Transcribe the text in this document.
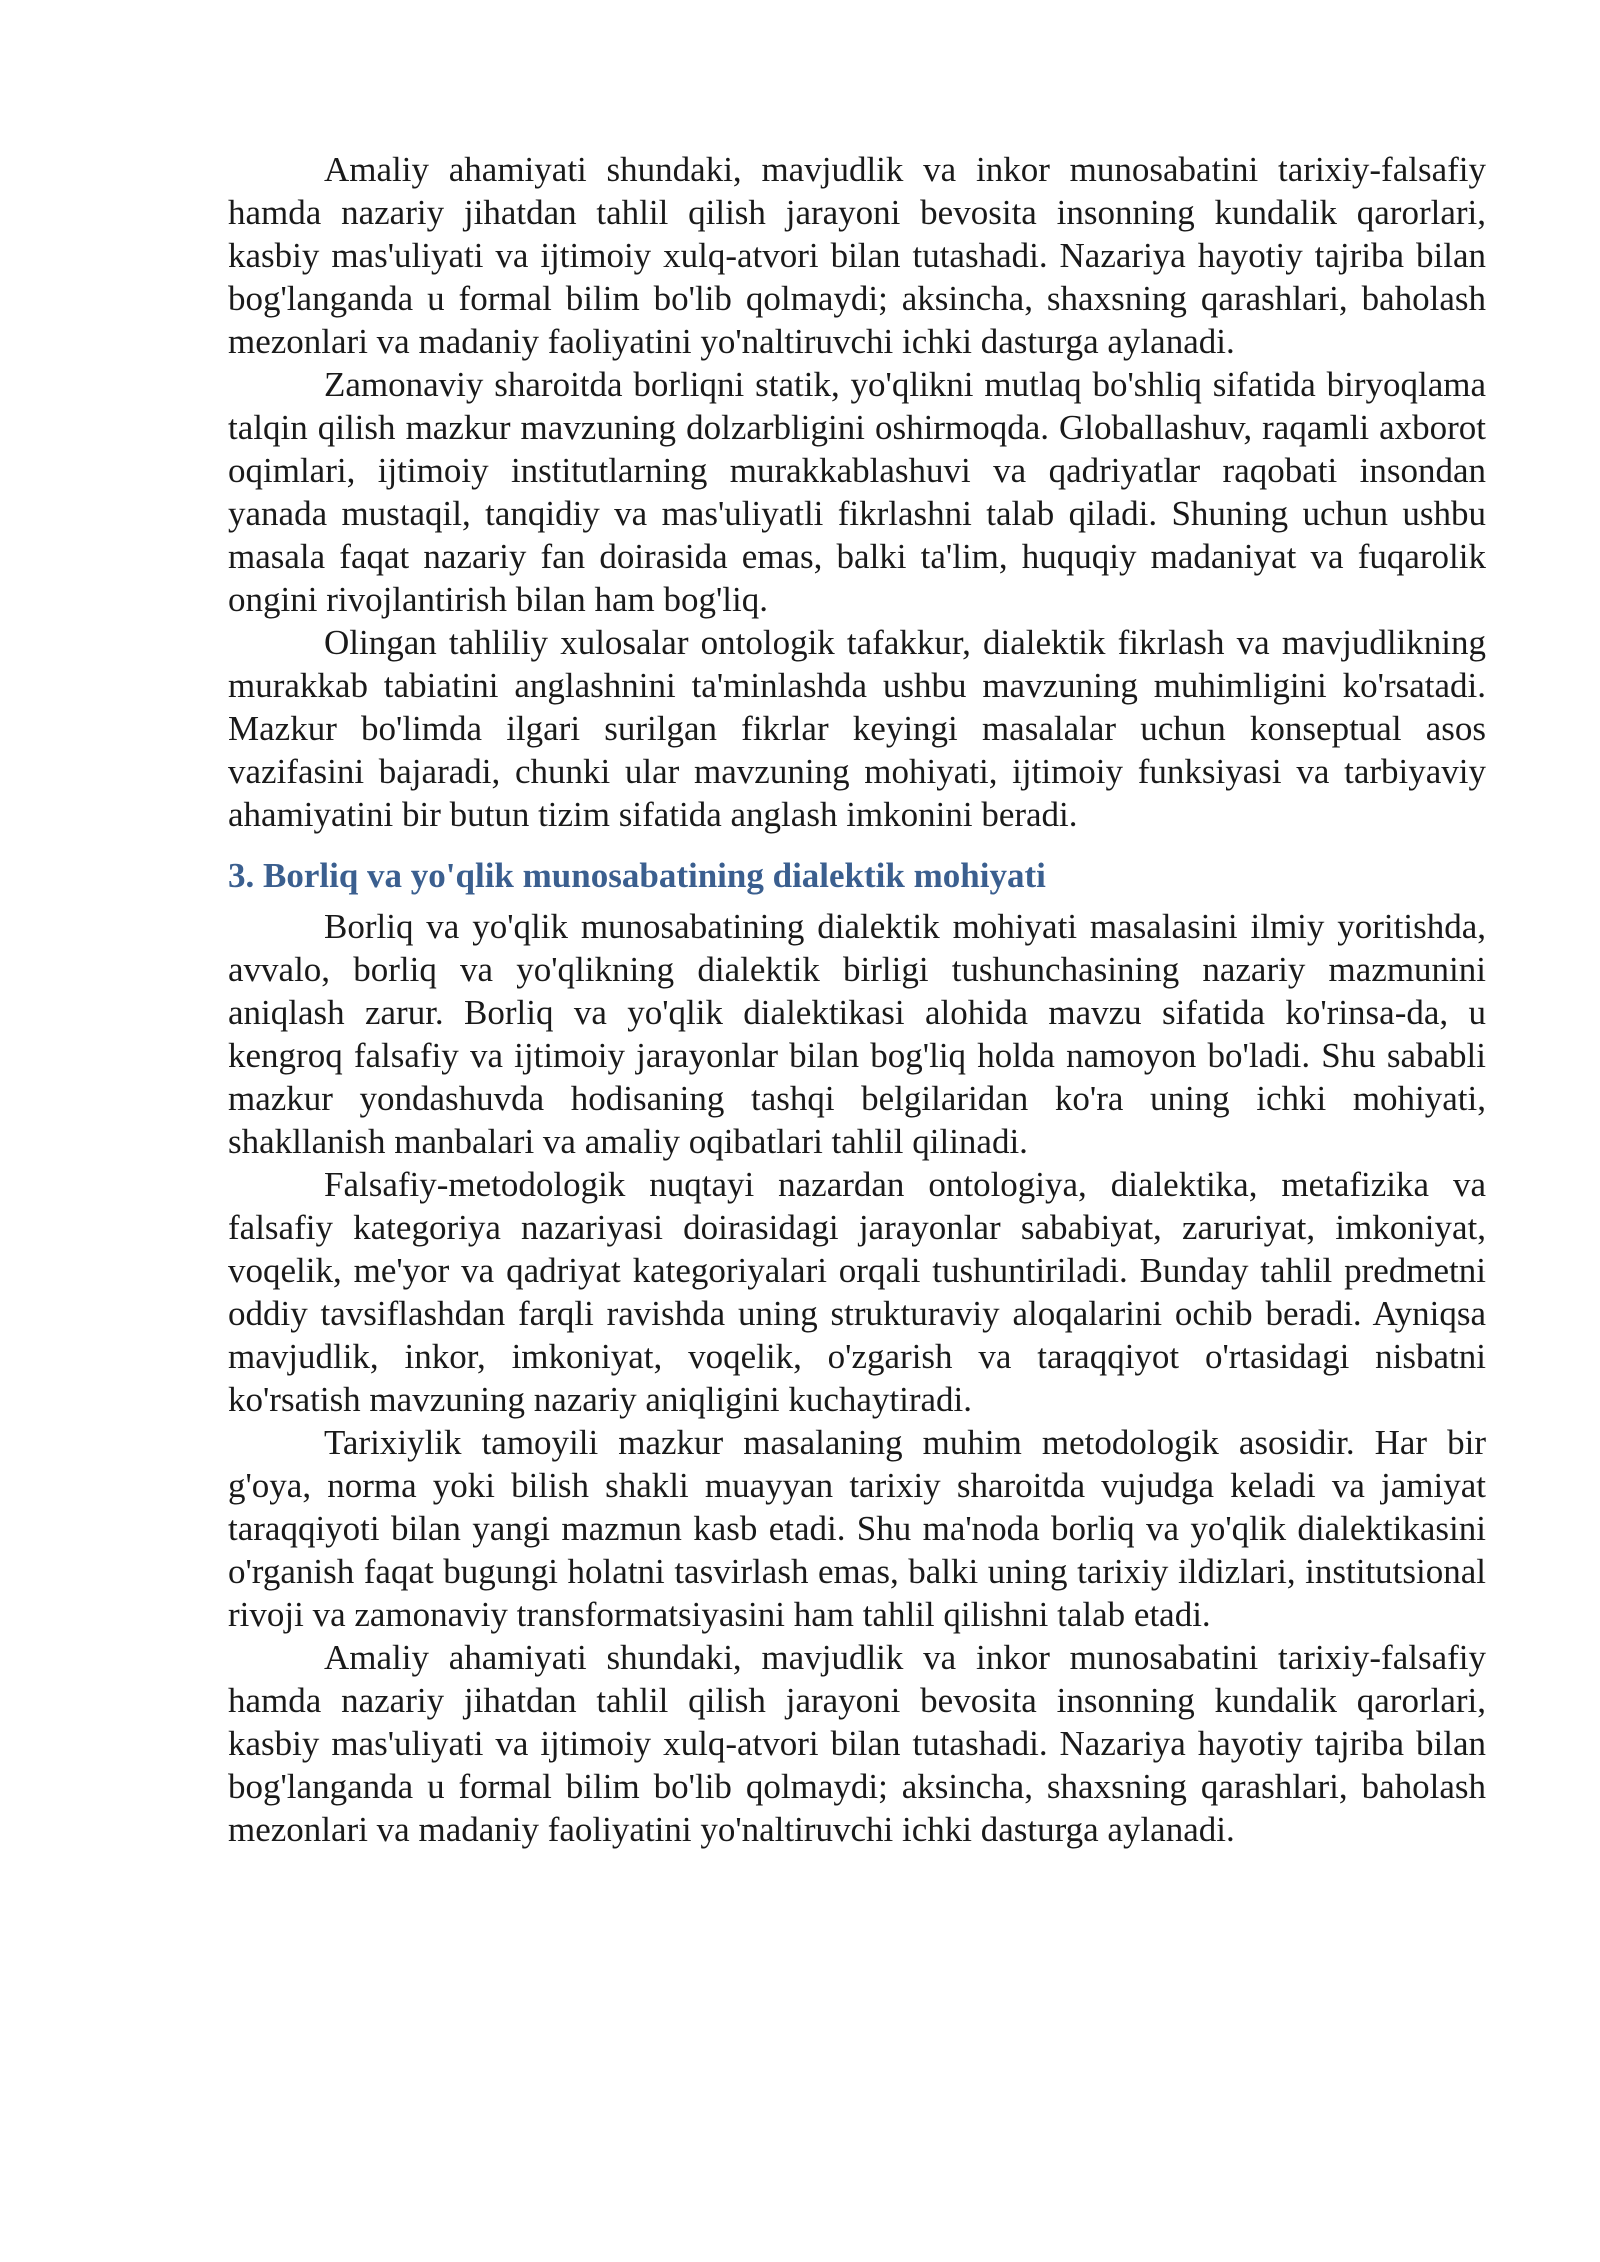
Amaliy ahamiyati shundaki, mavjudlik va inkor munosabatini tarixiy-falsafiy hamda nazariy jihatdan tahlil qilish jarayoni bevosita insonning kundalik qarorlari, kasbiy mas'uliyati va ijtimoiy xulq-atvori bilan tutashadi. Nazariya hayotiy tajriba bilan bog'langanda u formal bilim bo'lib qolmaydi; aksincha, shaxsning qarashlari, baholash mezonlari va madaniy faoliyatini yo'naltiruvchi ichki dasturga aylanadi.

Zamonaviy sharoitda borliqni statik, yo'qlikni mutlaq bo'shliq sifatida biryoqlama talqin qilish mazkur mavzuning dolzarbligini oshirmoqda. Globallashuv, raqamli axborot oqimlari, ijtimoiy institutlarning murakkablashuvi va qadriyatlar raqobati insondan yanada mustaqil, tanqidiy va mas'uliyatli fikrlashni talab qiladi. Shuning uchun ushbu masala faqat nazariy fan doirasida emas, balki ta'lim, huquqiy madaniyat va fuqarolik ongini rivojlantirish bilan ham bog'liq.

Olingan tahliliy xulosalar ontologik tafakkur, dialektik fikrlash va mavjudlikning murakkab tabiatini anglashnini ta'minlashda ushbu mavzuning muhimligini ko'rsatadi. Mazkur bo'limda ilgari surilgan fikrlar keyingi masalalar uchun konseptual asos vazifasini bajaradi, chunki ular mavzuning mohiyati, ijtimoiy funksiyasi va tarbiyaviy ahamiyatini bir butun tizim sifatida anglash imkonini beradi.

3. Borliq va yo'qlik munosabatining dialektik mohiyati

Borliq va yo'qlik munosabatining dialektik mohiyati masalasini ilmiy yoritishda, avvalo, borliq va yo'qlikning dialektik birligi tushunchasining nazariy mazmunini aniqlash zarur. Borliq va yo'qlik dialektikasi alohida mavzu sifatida ko'rinsa-da, u kengroq falsafiy va ijtimoiy jarayonlar bilan bog'liq holda namoyon bo'ladi. Shu sababli mazkur yondashuvda hodisaning tashqi belgilaridan ko'ra uning ichki mohiyati, shakllanish manbalari va amaliy oqibatlari tahlil qilinadi.

Falsafiy-metodologik nuqtayi nazardan ontologiya, dialektika, metafizika va falsafiy kategoriya nazariyasi doirasidagi jarayonlar sababiyat, zaruriyat, imkoniyat, voqelik, me'yor va qadriyat kategoriyalari orqali tushuntiriladi. Bunday tahlil predmetni oddiy tavsiflashdan farqli ravishda uning strukturaviy aloqalarini ochib beradi. Ayniqsa mavjudlik, inkor, imkoniyat, voqelik, o'zgarish va taraqqiyot o'rtasidagi nisbatni ko'rsatish mavzuning nazariy aniqligini kuchaytiradi.

Tarixiylik tamoyili mazkur masalaning muhim metodologik asosidir. Har bir g'oya, norma yoki bilish shakli muayyan tarixiy sharoitda vujudga keladi va jamiyat taraqqiyoti bilan yangi mazmun kasb etadi. Shu ma'noda borliq va yo'qlik dialektikasini o'rganish faqat bugungi holatni tasvirlash emas, balki uning tarixiy ildizlari, institutsional rivoji va zamonaviy transformatsiyasini ham tahlil qilishni talab etadi.

Amaliy ahamiyati shundaki, mavjudlik va inkor munosabatini tarixiy-falsafiy hamda nazariy jihatdan tahlil qilish jarayoni bevosita insonning kundalik qarorlari, kasbiy mas'uliyati va ijtimoiy xulq-atvori bilan tutashadi. Nazariya hayotiy tajriba bilan bog'langanda u formal bilim bo'lib qolmaydi; aksincha, shaxsning qarashlari, baholash mezonlari va madaniy faoliyatini yo'naltiruvchi ichki dasturga aylanadi.
